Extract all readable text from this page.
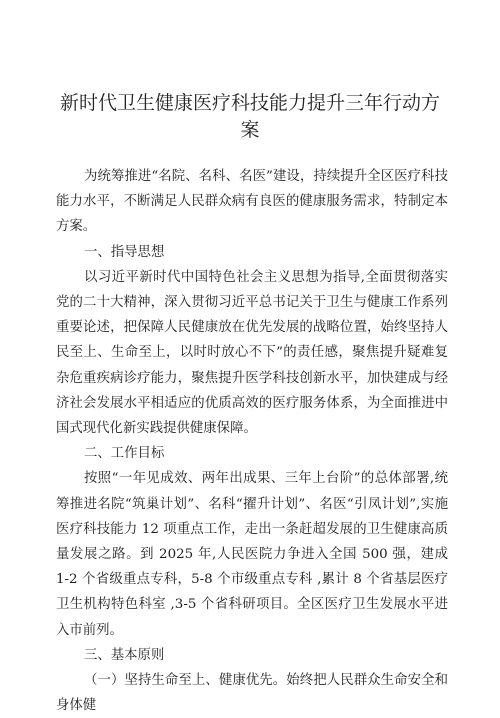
新时代卫生健康医疗科技能力提升三年行动方
案

为统筹推进“名院、名科、名医”建设，持续提升全区医疗科技能力水平，不断满足人民群众病有良医的健康服务需求，特制定本方案。

一、指导思想

以习近平新时代中国特色社会主义思想为指导,全面贯彻落实党的二十大精神，深入贯彻习近平总书记关于卫生与健康工作系列重要论述，把保障人民健康放在优先发展的战略位置，始终坚持人民至上、生命至上，以时时放心不下”的责任感，聚焦提升疑难复杂危重疾病诊疗能力，聚焦提升医学科技创新水平，加快建成与经济社会发展水平相适应的优质高效的医疗服务体系，为全面推进中国式现代化新实践提供健康保障。

二、工作目标

按照“一年见成效、两年出成果、三年上台阶”的总体部署,统筹推进名院“筑巢计划”、名科“擢升计划”、名医“引凤计划”,实施医疗科技能力 12 项重点工作，走出一条赶超发展的卫生健康高质量发展之路。到 2025 年,人民医院力争进入全国 500 强，建成 1-2 个省级重点专科，5-8 个市级重点专科 ,累计 8 个省基层医疗卫生机构特色科室 ,3-5 个省科研项目。全区医疗卫生发展水平进入市前列。

三、基本原则

（一）坚持生命至上、健康优先。始终把人民群众生命安全和身体健
